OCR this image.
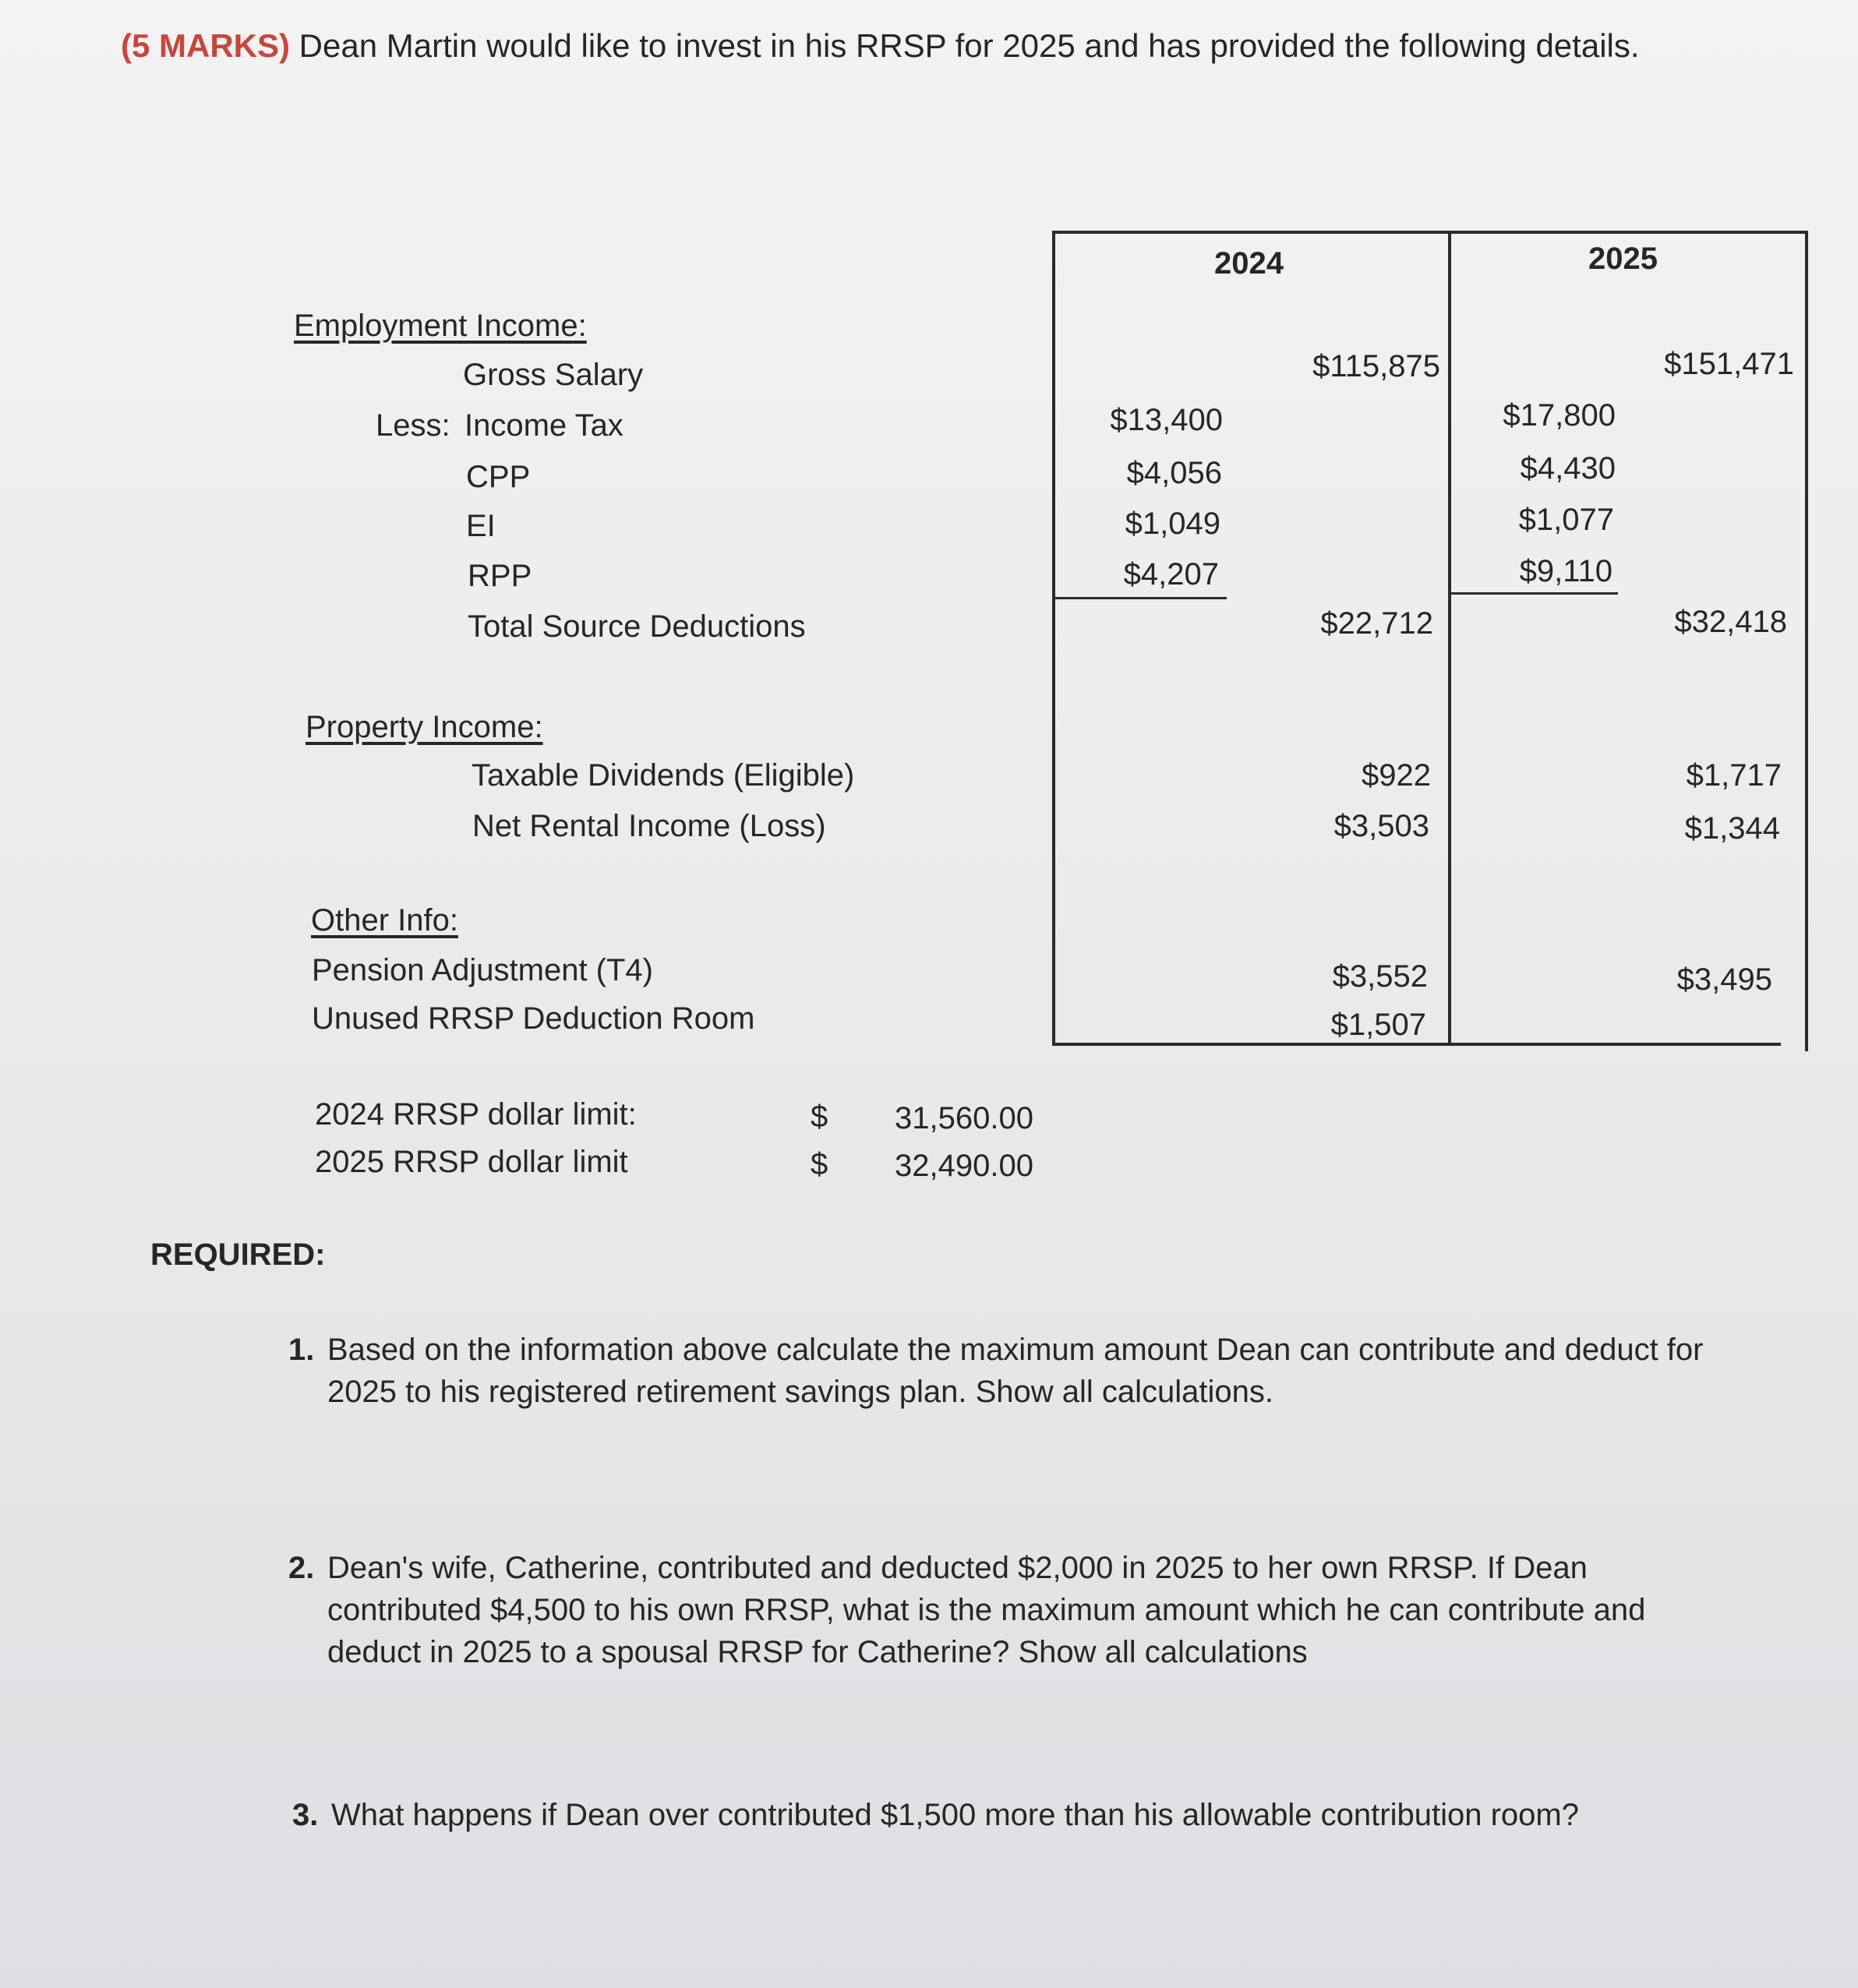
(5 MARKS) Dean Martin would like to invest in his RRSP for 2025 and has provided the following details.
2024	2025
Employment Income:
Gross Salary
Less: Income Tax
CPP
EI
RPP
Total Source Deductions
Property Income:
Taxable Dividends (Eligible)
Net Rental Income (Loss)
Other Info:
Pension Adjustment (T4)
Unused RRSP Deduction Room
$115,875
$13,400
$4,056
$1,049
$4,207
$22,712
$922
$3,503
$3,552
$1,507
$151,471
$17,800
$4,430
$1,077
$9,110
$32,418
$1,717
$1,344
$3,495
2024 RRSP dollar limit:
2025 RRSP dollar limit
$
$
31,560.00
32,490.00
REQUIRED:
1. Based on the information above calculate the maximum amount Dean can contribute and deduct for 2025 to his registered retirement savings plan. Show all calculations.
2. Dean's wife, Catherine, contributed and deducted $2,000 in 2025 to her own RRSP. If Dean contributed $4,500 to his own RRSP, what is the maximum amount which he can contribute and deduct in 2025 to a spousal RRSP for Catherine? Show all calculations
3. What happens if Dean over contributed $1,500 more than his allowable contribution room?
